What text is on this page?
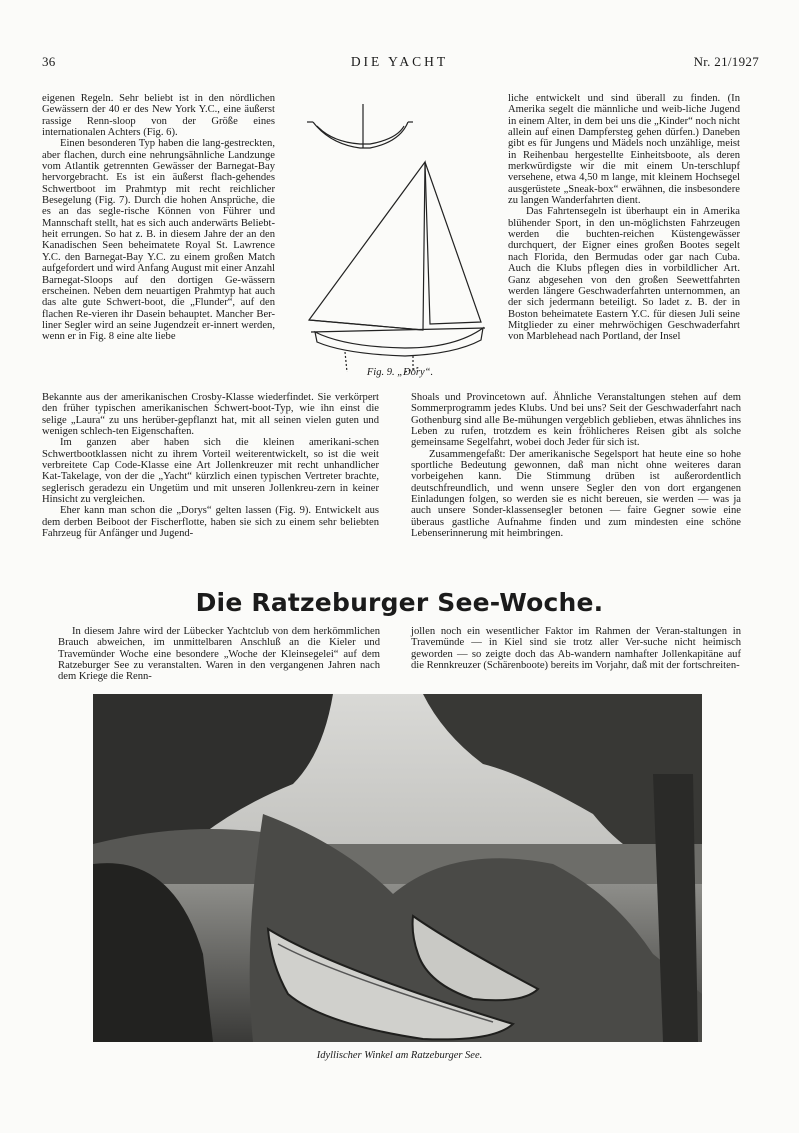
36	DIE YACHT	Nr. 21/1927

eigenen Regeln. Sehr beliebt ist in den nördlichen Gewässern der 40 er des New York Y.C., eine äußerst rassige Renn-sloop von der Größe eines internationalen Achters (Fig. 6).

Einen besonderen Typ haben die lang-gestreckten, aber flachen, durch eine nehrungsähnliche Landzunge vom Atlantik getrennten Gewässer der Barnegat-Bay hervorgebracht. Es ist ein äußerst flach-gehendes Schwertboot im Prahmtyp mit recht reichlicher Besegelung (Fig. 7). Durch die hohen Ansprüche, die es an das segle-rische Können von Führer und Mannschaft stellt, hat es sich auch anderwärts Beliebt-heit errungen. So hat z. B. in diesem Jahre der an den Kanadischen Seen beheimatete Royal St. Lawrence Y.C. den Barnegat-Bay Y.C. zu einem großen Match aufgefordert und wird Anfang August mit einer Anzahl Barnegat-Sloops auf den dortigen Ge-wässern erscheinen. Neben dem neuartigen Prahmtyp hat auch das alte gute Schwert-boot, die „Flunder“, auf den flachen Re-vieren ihr Dasein behauptet. Mancher Ber-liner Segler wird an seine Jugendzeit er-innert werden, wenn er in Fig. 8 eine alte liebe

Bekannte aus der amerikanischen Crosby-Klasse wiederfindet. Sie verkörpert den früher typischen amerikanischen Schwert-boot-Typ, wie ihn einst die selige „Laura“ zu uns herüber-gepflanzt hat, mit all seinen vielen guten und wenigen schlech-ten Eigenschaften.

Im ganzen aber haben sich die kleinen amerikani-schen Schwertbootklassen nicht zu ihrem Vorteil weiterentwickelt, so ist die weit verbreitete Cap Code-Klasse eine Art Jollenkreuzer mit recht unhandlicher Kat-Takelage, von der die „Yacht“ kürzlich einen typischen Vertreter brachte, seglerisch geradezu ein Ungetüm und mit unseren Jollenkreu-zern in keiner Hinsicht zu vergleichen.

Eher kann man schon die „Dorys“ gelten lassen (Fig. 9). Entwickelt aus dem derben Beiboot der Fischerflotte, haben sie sich zu einem sehr beliebten Fahrzeug für Anfänger und Jugend-

liche entwickelt und sind überall zu finden. (In Amerika segelt die männliche und weib-liche Jugend in einem Alter, in dem bei uns die „Kinder“ noch nicht allein auf einen Dampfersteg gehen dürfen.) Daneben gibt es für Jungens und Mädels noch unzählige, meist in Reihenbau hergestellte Einheitsboote, als deren merkwürdigste wir die mit einem Un-terschlupf versehene, etwa 4,50 m lange, mit kleinem Hochsegel ausgerüstete „Sneak-box“ erwähnen, die insbesondere zu langen Wanderfahrten dient.

Das Fahrtensegeln ist überhaupt ein in Amerika blühender Sport, in den un-möglichsten Fahrzeugen werden die buchten-reichen Küstengewässer durchquert, der Eigner eines großen Bootes segelt nach Florida, den Bermudas oder gar nach Cuba. Auch die Klubs pflegen dies in vorbildlicher Art. Ganz abgesehen von den großen Seewettfahrten werden längere Geschwaderfahrten unternommen, an der sich jedermann beteiligt. So ladet z. B. der in Boston beheimatete Eastern Y.C. für diesen Juli seine Mitglieder zu einer mehrwöchigen Geschwaderfahrt von Marblehead nach Portland, der Insel

Shoals und Provincetown auf. Ähnliche Veranstaltungen stehen auf dem Sommerprogramm jedes Klubs. Und bei uns? Seit der Geschwaderfahrt nach Gothenburg sind alle Be-mühungen vergeblich geblieben, etwas ähnliches ins Leben zu rufen, trotzdem es kein fröhlicheres Reisen gibt als solche gemeinsame Segelfahrt, wobei doch Jeder für sich ist.

Zusammengefaßt: Der amerikanische Segelsport hat heute eine so hohe sportliche Bedeutung gewonnen, daß man nicht ohne weiteres daran vorbeigehen kann. Die Stimmung drüben ist außerordentlich deutschfreundlich, und wenn unsere Segler den von dort ergangenen Einladungen folgen, so werden sie es nicht bereuen, sie werden — was ja auch unsere Sonder-klassensegler betonen — faire Gegner sowie eine überaus gastliche Aufnahme finden und zum mindesten eine schöne Lebenserinnerung mit heimbringen.

Fig. 9. „Dory“.
Die Ratzeburger See-Woche.

In diesem Jahre wird der Lübecker Yachtclub von dem herkömmlichen Brauch abweichen, im unmittelbaren Anschluß an die Kieler und Travemünder Woche eine besondere „Woche der Kleinsegelei“ auf dem Ratzeburger See zu veranstalten. Waren in den vergangenen Jahren nach dem Kriege die Renn-

jollen noch ein wesentlicher Faktor im Rahmen der Veran-staltungen in Travemünde — in Kiel sind sie trotz aller Ver-suche nicht heimisch geworden — so zeigte doch das Ab-wandern namhafter Jollenkapitäne auf die Rennkreuzer (Schärenboote) bereits im Vorjahr, daß mit der fortschreiten-

Idyllischer Winkel am Ratzeburger See.
